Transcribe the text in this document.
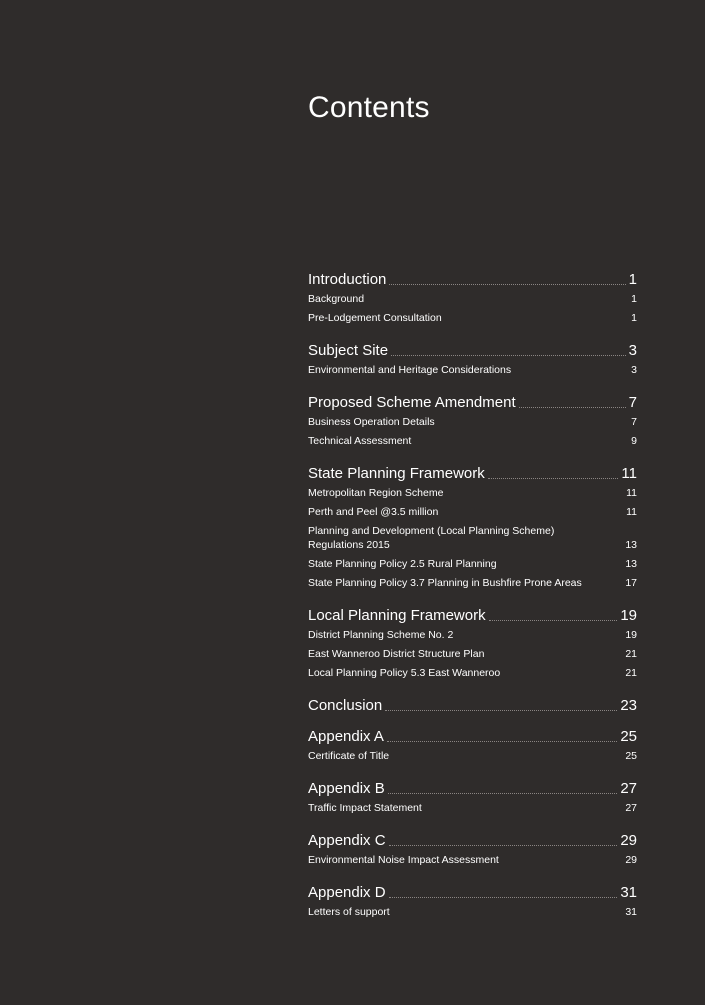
Contents
Introduction	1
Background	1
Pre-Lodgement Consultation	1
Subject Site	3
Environmental and Heritage Considerations	3
Proposed Scheme Amendment	7
Business Operation Details	7
Technical Assessment	9
State Planning Framework	11
Metropolitan Region Scheme	11
Perth and Peel @3.5 million	11
Planning and Development (Local Planning Scheme) Regulations 2015	13
State Planning Policy 2.5 Rural Planning	13
State Planning Policy 3.7 Planning in Bushfire Prone Areas	17
Local Planning Framework	19
District Planning Scheme No. 2	19
East Wanneroo District Structure Plan	21
Local Planning Policy 5.3 East Wanneroo	21
Conclusion	23
Appendix A	25
Certificate of Title	25
Appendix B	27
Traffic Impact Statement	27
Appendix C	29
Environmental Noise Impact Assessment	29
Appendix D	31
Letters of support	31
